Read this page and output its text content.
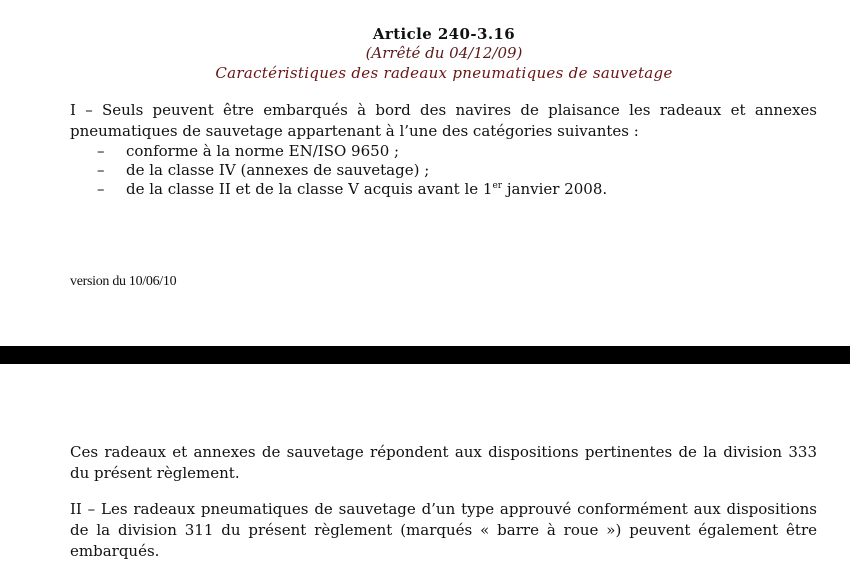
Article 240-3.16
(Arrêté du 04/12/09)
Caractéristiques des radeaux pneumatiques de sauvetage
I – Seuls peuvent être embarqués à bord des navires de plaisance les radeaux et annexes pneumatiques de sauvetage appartenant à l’une des catégories suivantes :
– conforme à la norme EN/ISO 9650 ;
– de la classe IV (annexes de sauvetage) ;
– de la classe II et de la classe V acquis avant le 1er janvier 2008.
version du 10/06/10
Ces radeaux et annexes de sauvetage répondent aux dispositions pertinentes de la division 333 du présent règlement.
II – Les radeaux pneumatiques de sauvetage d’un type approuvé conformément aux dispositions de la division 311 du présent règlement (marqués « barre à roue ») peuvent également être embarqués.
